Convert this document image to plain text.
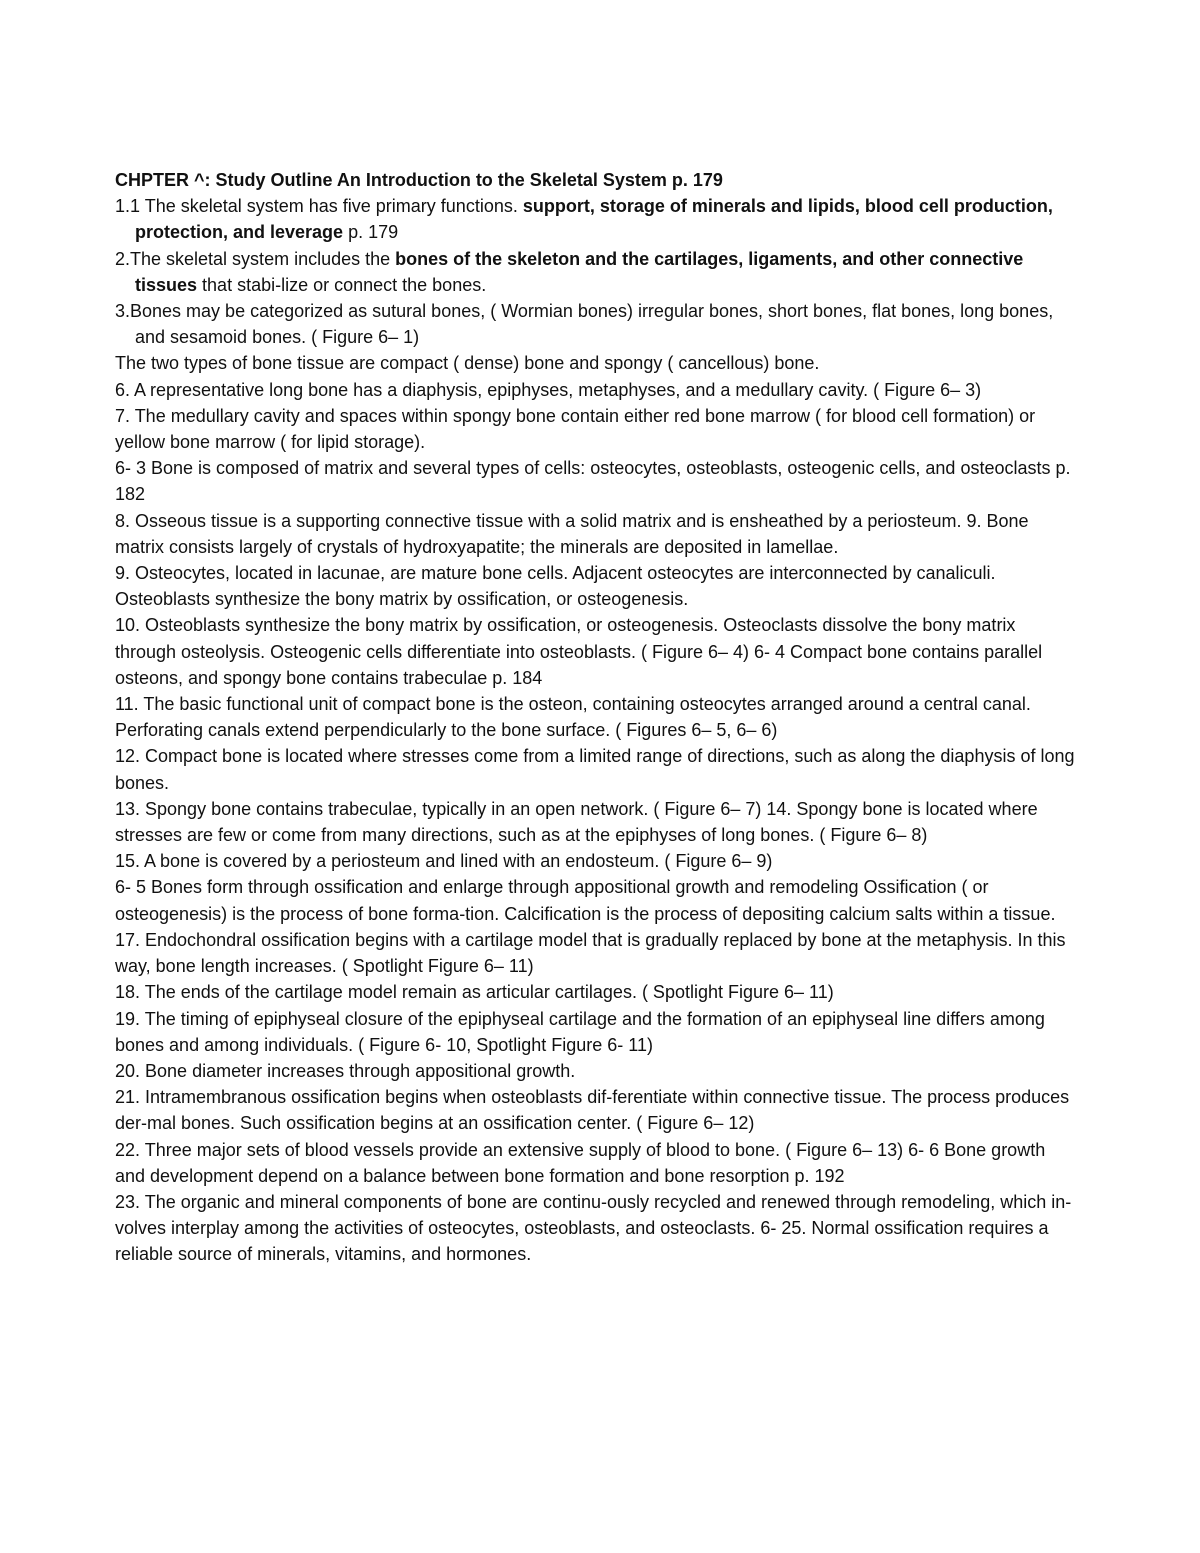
CHPTER ^: Study Outline An Introduction to the Skeletal System p. 179
1.1 The skeletal system has five primary functions. support, storage of minerals and lipids, blood cell production, protection, and leverage p. 179
2.The skeletal system includes the bones of the skeleton and the cartilages, ligaments, and other connective tissues that stabi-lize or connect the bones.
3.Bones may be categorized as sutural bones, ( Wormian bones) irregular bones, short bones, flat bones, long bones, and sesamoid bones. ( Figure 6– 1)
The two types of bone tissue are compact ( dense) bone and spongy ( cancellous) bone.
6. A representative long bone has a diaphysis, epiphyses, metaphyses, and a medullary cavity. ( Figure 6– 3)
7. The medullary cavity and spaces within spongy bone contain either red bone marrow ( for blood cell formation) or yellow bone marrow ( for lipid storage).
6- 3 Bone is composed of matrix and several types of cells: osteocytes, osteoblasts, osteogenic cells, and osteoclasts p. 182
8. Osseous tissue is a supporting connective tissue with a solid matrix and is ensheathed by a periosteum. 9. Bone matrix consists largely of crystals of hydroxyapatite; the minerals are deposited in lamellae.
9. Osteocytes, located in lacunae, are mature bone cells. Adjacent osteocytes are interconnected by canaliculi. Osteoblasts synthesize the bony matrix by ossification, or osteogenesis.
10. Osteoblasts synthesize the bony matrix by ossification, or osteogenesis. Osteoclasts dissolve the bony matrix through osteolysis. Osteogenic cells differentiate into osteoblasts. ( Figure 6– 4) 6- 4 Compact bone contains parallel osteons, and spongy bone contains trabeculae p. 184
11. The basic functional unit of compact bone is the osteon, containing osteocytes arranged around a central canal. Perforating canals extend perpendicularly to the bone surface. ( Figures 6– 5, 6– 6)
12. Compact bone is located where stresses come from a limited range of directions, such as along the diaphysis of long bones.
13. Spongy bone contains trabeculae, typically in an open network. ( Figure 6– 7) 14. Spongy bone is located where stresses are few or come from many directions, such as at the epiphyses of long bones. ( Figure 6– 8)
15. A bone is covered by a periosteum and lined with an endosteum. ( Figure 6– 9)
6- 5 Bones form through ossification and enlarge through appositional growth and remodeling Ossification ( or osteogenesis) is the process of bone forma-tion. Calcification is the process of depositing calcium salts within a tissue.
17. Endochondral ossification begins with a cartilage model that is gradually replaced by bone at the metaphysis. In this way, bone length increases. ( Spotlight Figure 6– 11)
18. The ends of the cartilage model remain as articular cartilages. ( Spotlight Figure 6– 11)
19. The timing of epiphyseal closure of the epiphyseal cartilage and the formation of an epiphyseal line differs among bones and among individuals. ( Figure 6- 10, Spotlight Figure 6- 11)
20. Bone diameter increases through appositional growth.
21. Intramembranous ossification begins when osteoblasts dif-ferentiate within connective tissue. The process produces der-mal bones. Such ossification begins at an ossification center. ( Figure 6– 12)
22. Three major sets of blood vessels provide an extensive supply of blood to bone. ( Figure 6– 13) 6- 6 Bone growth and development depend on a balance between bone formation and bone resorption p. 192
23. The organic and mineral components of bone are continu-ously recycled and renewed through remodeling, which in-volves interplay among the activities of osteocytes, osteoblasts, and osteoclasts. 6- 25. Normal ossification requires a reliable source of minerals, vitamins, and hormones.
